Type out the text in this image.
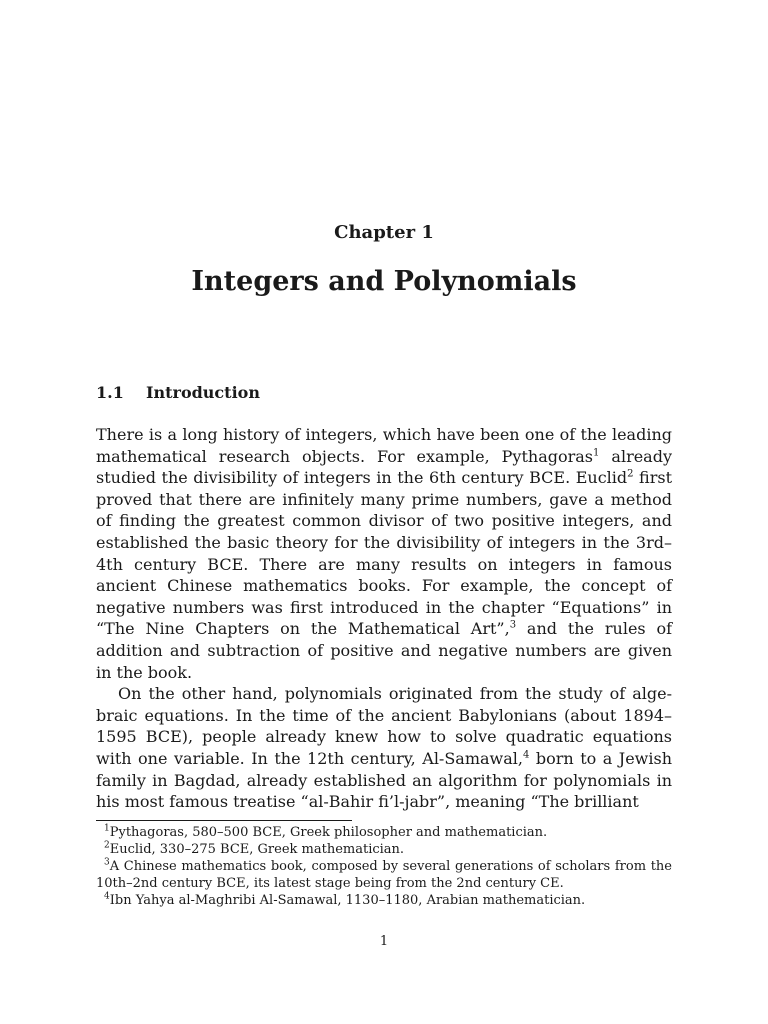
Chapter 1
Integers and Polynomials
1.1 Introduction

There is a long history of integers, which have been one of the leading mathematical research objects. For example, Pythagoras$^1$ already studied the divisibility of integers in the 6th century BCE. Euclid$^2$ first proved that there are infinitely many prime numbers, gave a method of finding the greatest common divisor of two positive integers, and established the basic theory for the divisibility of integers in the 3rd–4th century BCE. There are many results on integers in famous ancient Chinese mathematics books. For example, the concept of negative numbers was first introduced in the chapter “Equations” in “The Nine Chapters on the Mathematical Art”,$^3$ and the rules of addition and subtraction of positive and negative numbers are given in the book.

On the other hand, polynomials originated from the study of algebraic equations. In the time of the ancient Babylonians (about 1894–1595 BCE), people already knew how to solve quadratic equations with one variable. In the 12th century, Al-Samawal,$^4$ born to a Jewish family in Bagdad, already established an algorithm for polynomials in his most famous treatise “al-Bahir fi’l-jabr”, meaning “The brilliant

$^1$Pythagoras, 580–500 BCE, Greek philosopher and mathematician.

$^2$Euclid, 330–275 BCE, Greek mathematician.

$^3$A Chinese mathematics book, composed by several generations of scholars from the 10th–2nd century BCE, its latest stage being from the 2nd century CE.

$^4$Ibn Yahya al-Maghribi Al-Samawal, 1130–1180, Arabian mathematician.

1
